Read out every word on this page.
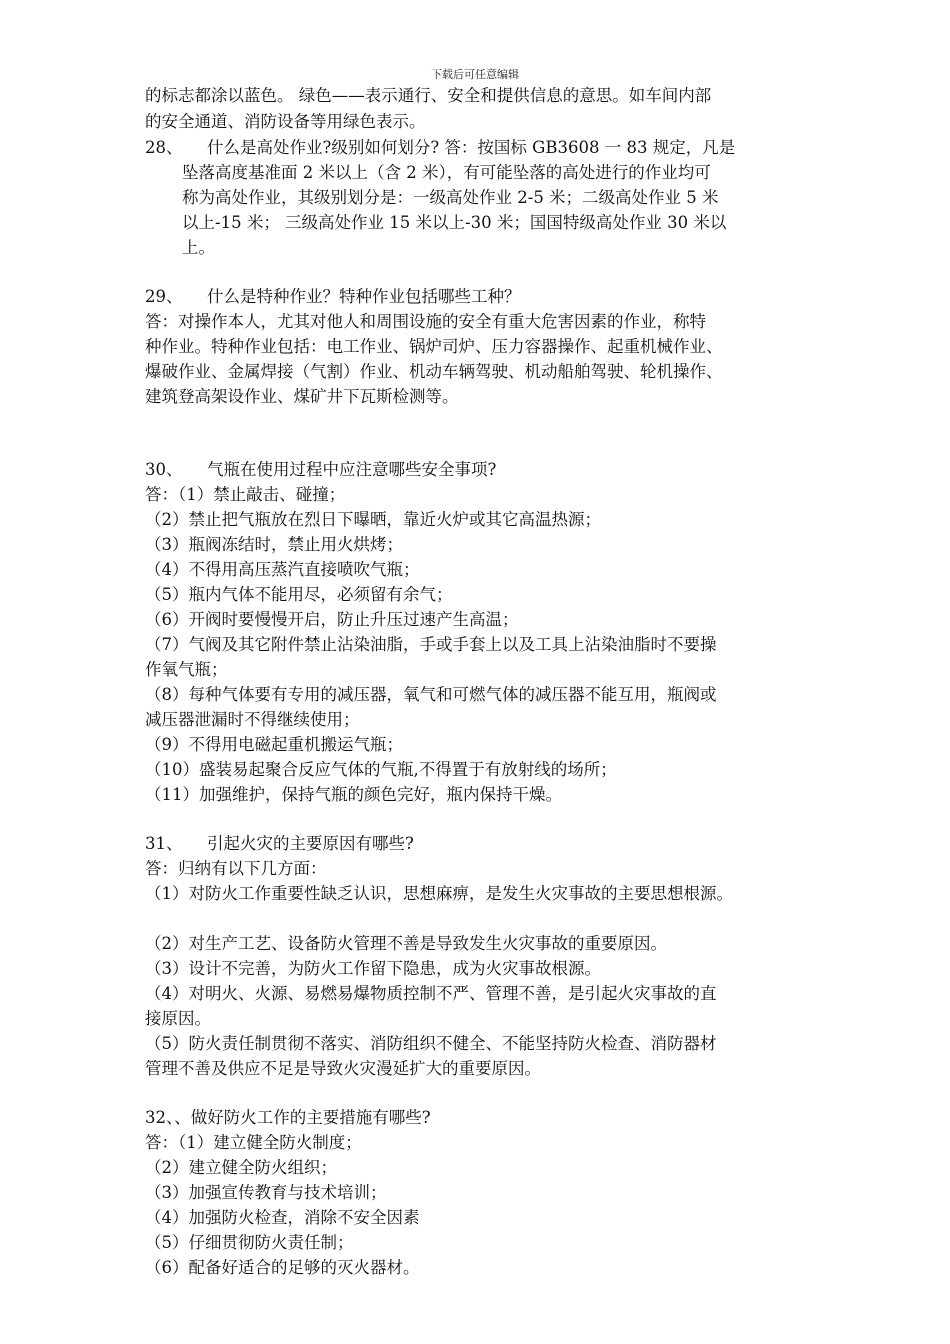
下载后可任意编辑
的标志都涂以蓝色。 绿色——表示通行、安全和提供信息的意思。如车间内部
的安全通道、消防设备等用绿色表示。
28、 什么是高处作业?级别如何划分? 答：按国标 GB3608 一 83 规定，凡是
坠落高度基准面 2 米以上（含 2 米），有可能坠落的高处进行的作业均可
称为高处作业，其级别划分是：一级高处作业 2-5 米；二级高处作业 5 米
以上-15 米； 三级高处作业 15 米以上-30 米；国国特级高处作业 30 米以
上。
29、 什么是特种作业？特种作业包括哪些工种？
答：对操作本人，尤其对他人和周围设施的安全有重大危害因素的作业，称特
种作业。特种作业包括：电工作业、锅炉司炉、压力容器操作、起重机械作业、
爆破作业、金属焊接（气割）作业、机动车辆驾驶、机动船舶驾驶、轮机操作、
建筑登高架设作业、煤矿井下瓦斯检测等。
30、 气瓶在使用过程中应注意哪些安全事项?
答：（1）禁止敲击、碰撞；
（2）禁止把气瓶放在烈日下曝晒，靠近火炉或其它高温热源；
（3）瓶阀冻结时，禁止用火烘烤；
（4）不得用高压蒸汽直接喷吹气瓶；
（5）瓶内气体不能用尽，必须留有余气；
（6）开阀时要慢慢开启，防止升压过速产生高温；
（7）气阀及其它附件禁止沾染油脂，手或手套上以及工具上沾染油脂时不要操
作氧气瓶；
（8）每种气体要有专用的减压器，氧气和可燃气体的减压器不能互用，瓶阀或
减压器泄漏时不得继续使用；
（9）不得用电磁起重机搬运气瓶；
（10）盛装易起聚合反应气体的气瓶,不得置于有放射线的场所；
（11）加强维护，保持气瓶的颜色完好，瓶内保持干燥。
31、 引起火灾的主要原因有哪些?
答：归纳有以下几方面：
（1）对防火工作重要性缺乏认识，思想麻痹，是发生火灾事故的主要思想根源。
（2）对生产工艺、设备防火管理不善是导致发生火灾事故的重要原因。
（3）设计不完善，为防火工作留下隐患，成为火灾事故根源。
（4）对明火、火源、易燃易爆物质控制不严、管理不善，是引起火灾事故的直
接原因。
（5）防火责任制贯彻不落实、消防组织不健全、不能坚持防火检查、消防器材
管理不善及供应不足是导致火灾漫延扩大的重要原因。
32、、做好防火工作的主要措施有哪些?
答：（1）建立健全防火制度；
（2）建立健全防火组织；
（3）加强宣传教育与技术培训；
（4）加强防火检查，消除不安全因素
（5）仔细贯彻防火责任制；
（6）配备好适合的足够的灭火器材。
